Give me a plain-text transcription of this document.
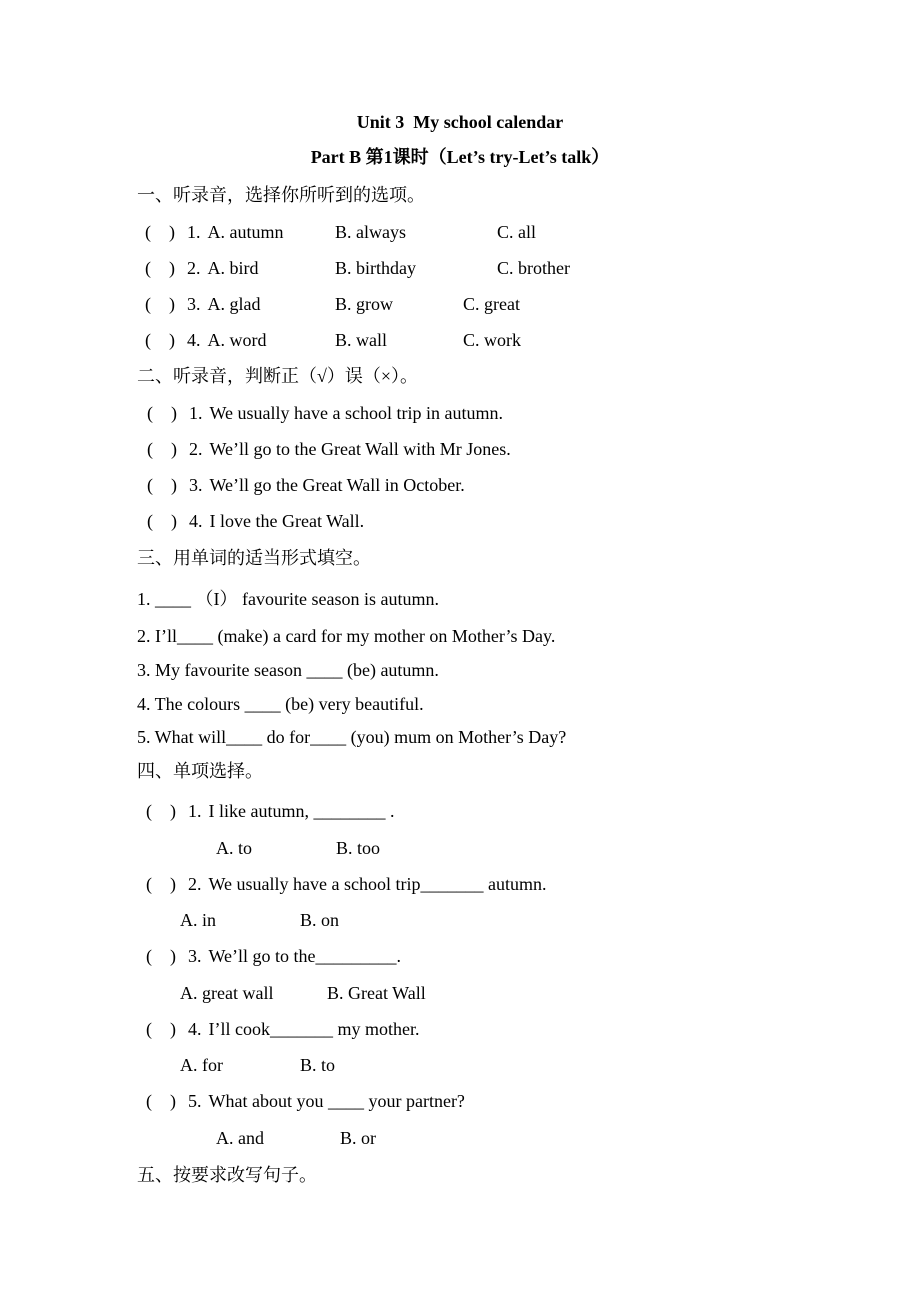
Unit 3  My school calendar
Part B 第1课时（Let’s try-Let’s talk）
一、听录音，选择你所听到的选项。
(　) 1. A. autumn	B. always	C. all
(　) 2. A. bird	B. birthday	C. brother
(　) 3. A. glad	B. grow	C. great
(　) 4. A. word	B. wall	C. work
二、听录音，判断正（√）误（×）。
(　) 1. We usually have a school trip in autumn.
(　) 2. We’ll go to the Great Wall with Mr Jones.
(　) 3. We’ll go the Great Wall in October.
(　) 4. I love the Great Wall.
三、用单词的适当形式填空。
1. ____ （I） favourite season is autumn.
2. I’ll____ (make) a card for my mother on Mother’s Day.
3. My favourite season ____ (be) autumn.
4. The colours ____ (be) very beautiful.
5. What will____ do for____ (you) mum on Mother’s Day?
四、单项选择。
(　) 1. I like autumn, ________ .
A. to	B. too
(　) 2. We usually have a school trip_______ autumn.
A. in	B. on
(　) 3. We’ll go to the_________.
A. great wall	B. Great Wall
(　) 4. I’ll cook_______ my mother.
A. for	B. to
(　) 5. What about you ____ your partner?
A. and	B. or
五、按要求改写句子。
